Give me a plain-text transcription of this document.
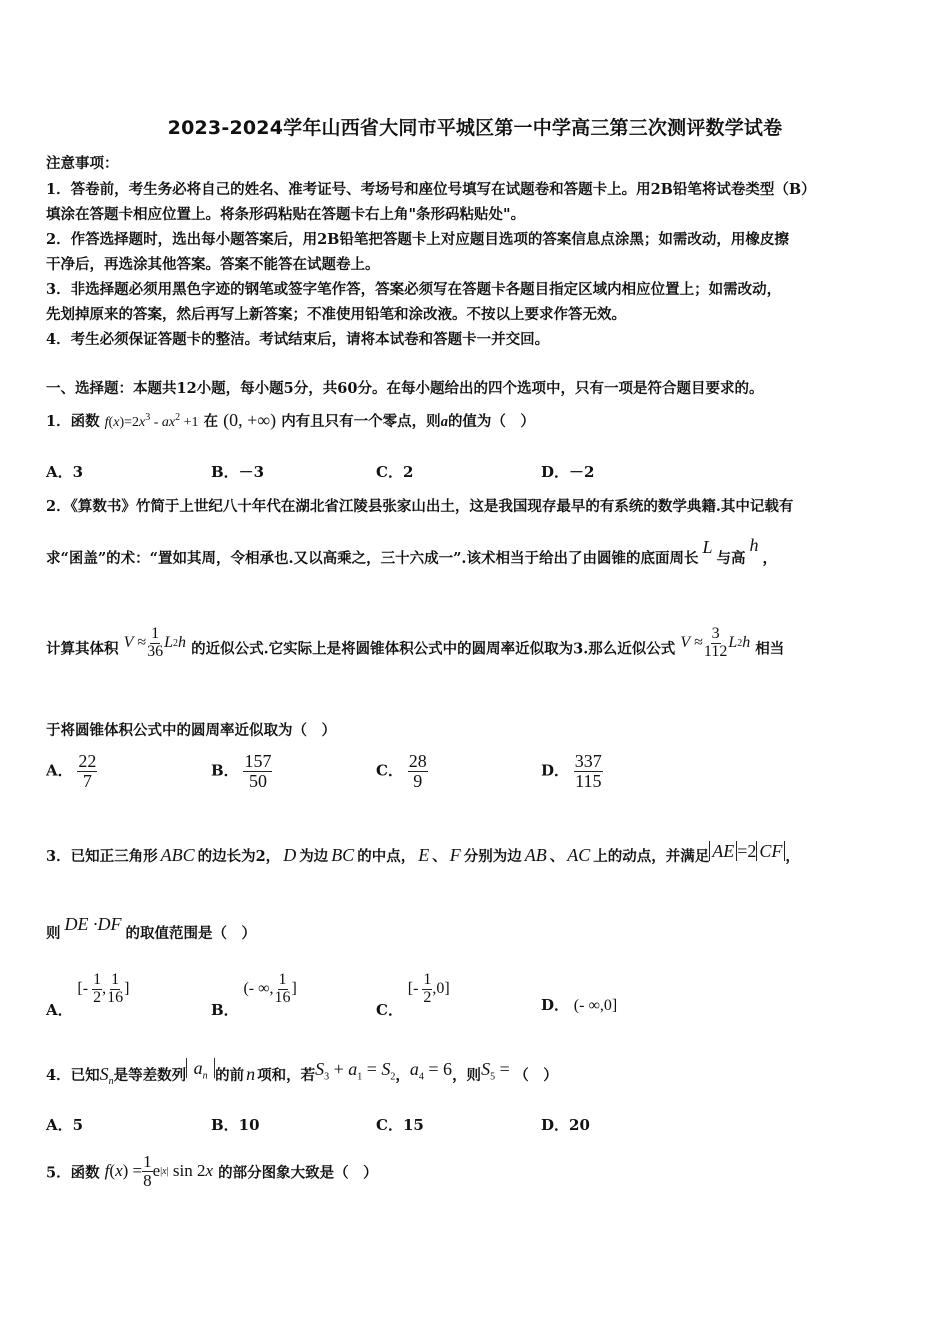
2023-2024学年山西省大同市平城区第一中学高三第三次测评数学试卷
注意事项：
1．答卷前，考生务必将自己的姓名、准考证号、考场号和座位号填写在试题卷和答题卡上。用2B铅笔将试卷类型（B）
填涂在答题卡相应位置上。将条形码粘贴在答题卡右上角"条形码粘贴处"。
2．作答选择题时，选出每小题答案后，用2B铅笔把答题卡上对应题目选项的答案信息点涂黑；如需改动，用橡皮擦
干净后，再选涂其他答案。答案不能答在试题卷上。
3．非选择题必须用黑色字迹的钢笔或签字笔作答，答案必须写在答题卡各题目指定区域内相应位置上；如需改动，
先划掉原来的答案，然后再写上新答案；不准使用铅笔和涂改液。不按以上要求作答无效。
4．考生必须保证答题卡的整洁。考试结束后，请将本试卷和答题卡一并交回。
一、选择题：本题共12小题，每小题5分，共60分。在每小题给出的四个选项中，只有一项是符合题目要求的。
1．函数 $f(x)=2x^3 - ax^2 +1$ 在 (0, +∞) 内有且只有一个零点，则a的值为（　）
A．3	B．－3	C．2	D．－2
2．《算数书》竹简于上世纪八十年代在湖北省江陵县张家山出土，这是我国现存最早的有系统的数学典籍.其中记载有
求“囷盖”的术：“置如其周，令相承也.又以高乘之，三十六成一”.该术相当于给出了由圆锥的底面周长L与高h，
计算其体积 $V \approx \frac{1}{36}$ L 2 h 的近似公式.它实际上是将圆锥体积公式中的圆周率近似取为3.那么近似公式 $V \approx \frac{3}{112}$ L 2 h 相当
于将圆锥体积公式中的圆周率近似取为（　）
A． $\frac{22}{7}$	B． $\frac{157}{50}$	C． $\frac{28}{9}$	D． $\frac{337}{115}$
3．已知正三角形 ABC 的边长为2， D 为边 BC 的中点， E 、 F 分别为边 AB 、 AC 上的动点，并满足 AE =2 CF ，
则 DE ·DF 的取值范围是（　）
A． [- $\frac{1}{2}$ , $\frac{1}{16}$ ]
B． (- ∞, $\frac{1}{16}$ ]
C． [- $\frac{1}{2} ,0$]
D． (- ∞,0]
4．已知$S_n$是等差数列 $a_n$ 的前 n 项和，若$S_3 + a_1 = S_2$，$a_4 = 6$，则$S_5$ = （　）
A．5	B．10	C．15	D．20
5．函数 f ( x ) = $\frac{1}{8}$ e |x| sin 2 x 的部分图象大致是（　）
